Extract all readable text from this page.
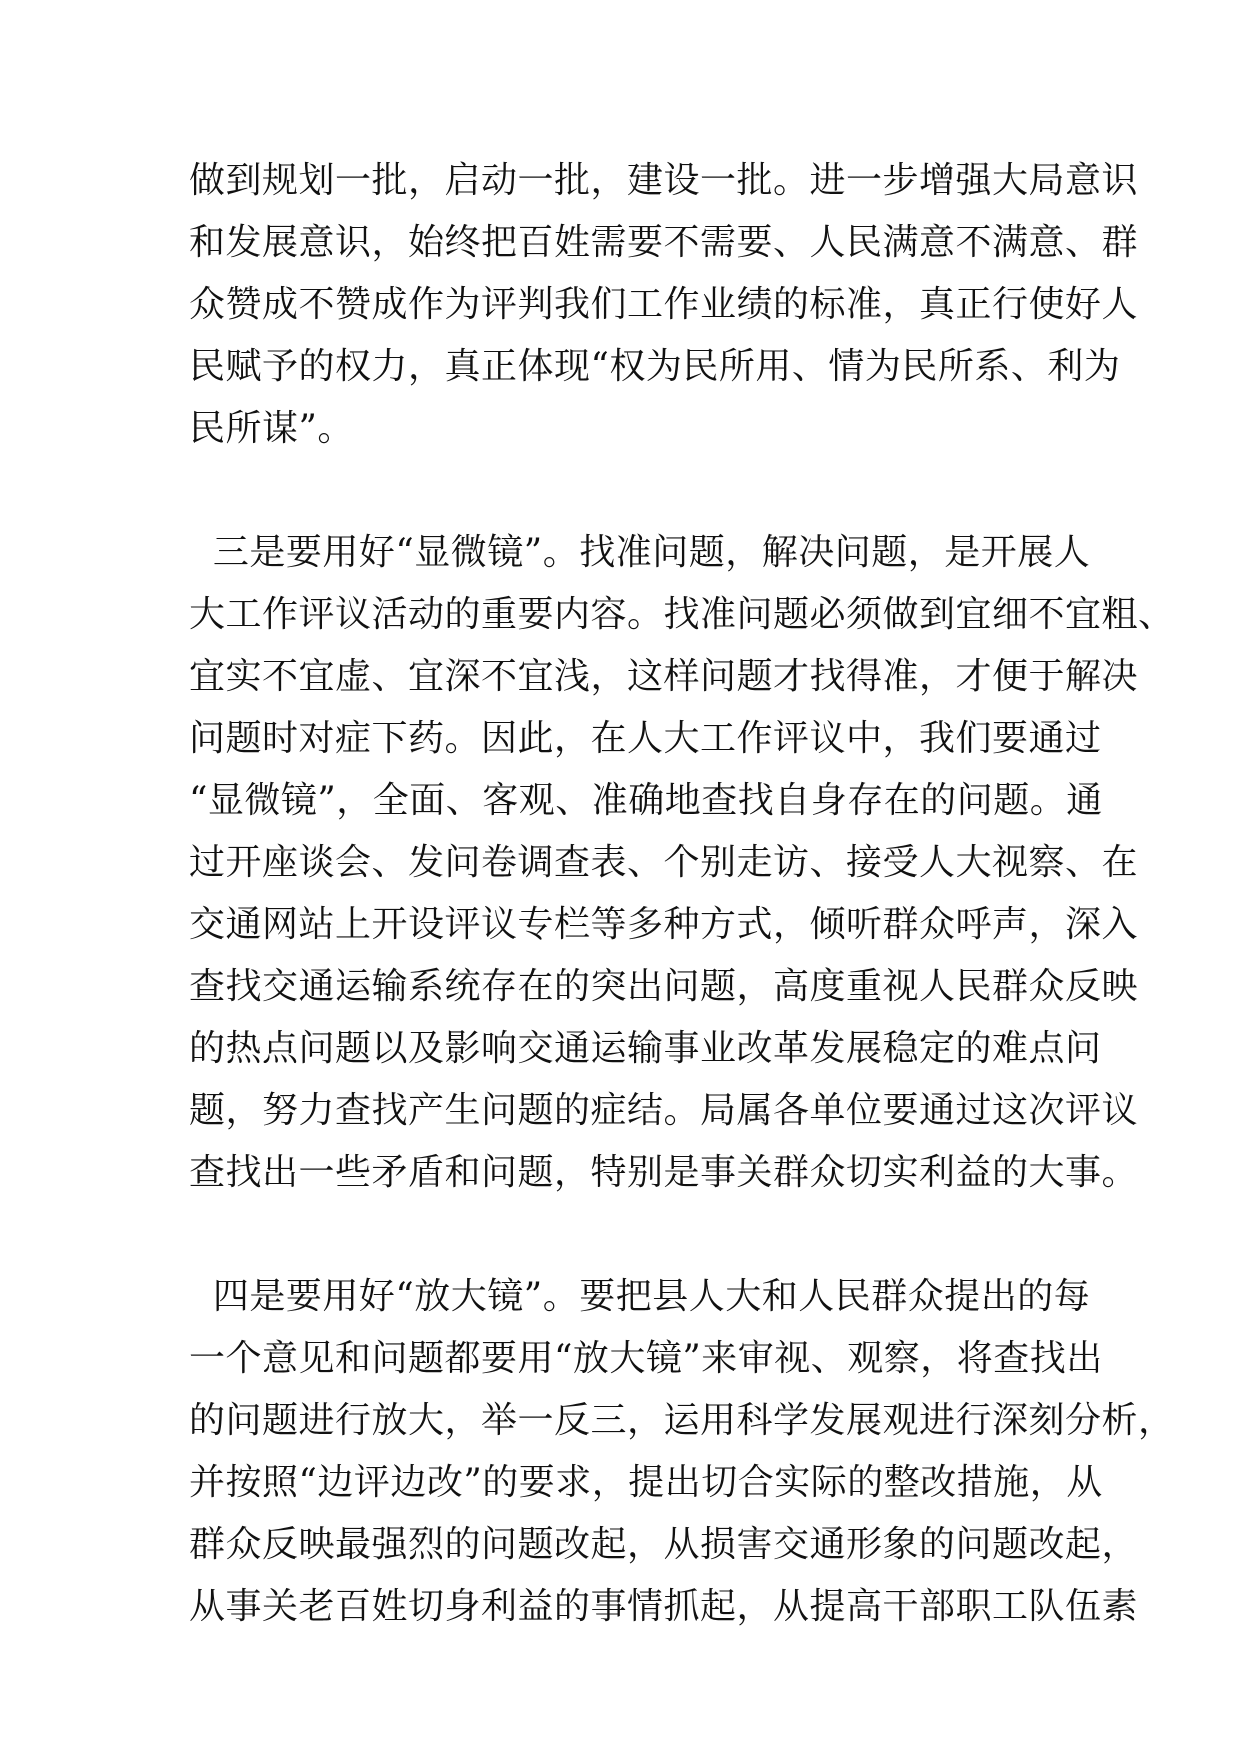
做到规划一批，启动一批，建设一批。进一步增强大局意识
和发展意识，始终把百姓需要不需要、人民满意不满意、群
众赞成不赞成作为评判我们工作业绩的标准，真正行使好人
民赋予的权力，真正体现“权为民所用、情为民所系、利为
民所谋”。
三是要用好“显微镜”。找准问题，解决问题，是开展人
大工作评议活动的重要内容。找准问题必须做到宜细不宜粗、
宜实不宜虚、宜深不宜浅，这样问题才找得准，才便于解决
问题时对症下药。因此，在人大工作评议中，我们要通过
“显微镜”，全面、客观、准确地查找自身存在的问题。通
过开座谈会、发问卷调查表、个别走访、接受人大视察、在
交通网站上开设评议专栏等多种方式，倾听群众呼声，深入
查找交通运输系统存在的突出问题，高度重视人民群众反映
的热点问题以及影响交通运输事业改革发展稳定的难点问
题，努力查找产生问题的症结。局属各单位要通过这次评议
查找出一些矛盾和问题，特别是事关群众切实利益的大事。
四是要用好“放大镜”。要把县人大和人民群众提出的每
一个意见和问题都要用“放大镜”来审视、观察，将查找出
的问题进行放大，举一反三，运用科学发展观进行深刻分析，
并按照“边评边改”的要求，提出切合实际的整改措施，从
群众反映最强烈的问题改起，从损害交通形象的问题改起，
从事关老百姓切身利益的事情抓起，从提高干部职工队伍素
